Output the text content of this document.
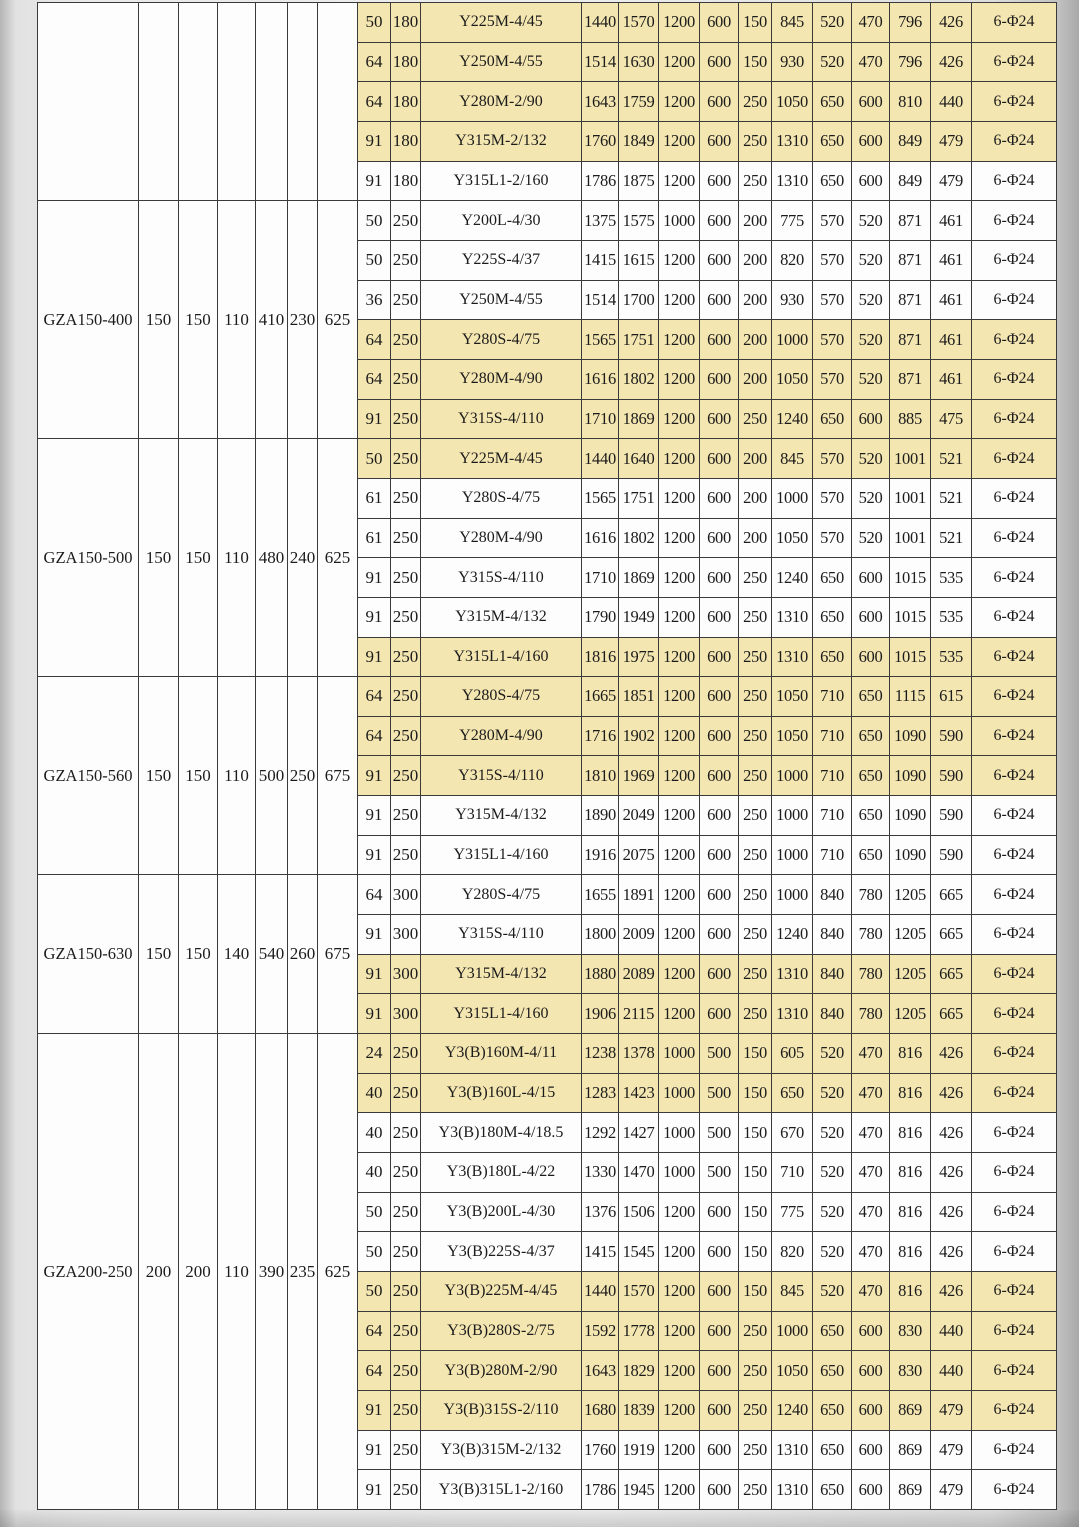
							50	180	Y225M-4/45	1440	1570	1200	600	150	845	520	470	796	426	6-Φ24
							64	180	Y250M-4/55	1514	1630	1200	600	150	930	520	470	796	426	6-Φ24
							64	180	Y280M-2/90	1643	1759	1200	600	250	1050	650	600	810	440	6-Φ24
							91	180	Y315M-2/132	1760	1849	1200	600	250	1310	650	600	849	479	6-Φ24
							91	180	Y315L1-2/160	1786	1875	1200	600	250	1310	650	600	849	479	6-Φ24
GZA150-400	150	150	110	410	230	625	50	250	Y200L-4/30	1375	1575	1000	600	200	775	570	520	871	461	6-Φ24
							50	250	Y225S-4/37	1415	1615	1200	600	200	820	570	520	871	461	6-Φ24
							36	250	Y250M-4/55	1514	1700	1200	600	200	930	570	520	871	461	6-Φ24
							64	250	Y280S-4/75	1565	1751	1200	600	200	1000	570	520	871	461	6-Φ24
							64	250	Y280M-4/90	1616	1802	1200	600	200	1050	570	520	871	461	6-Φ24
							91	250	Y315S-4/110	1710	1869	1200	600	250	1240	650	600	885	475	6-Φ24
GZA150-500	150	150	110	480	240	625	50	250	Y225M-4/45	1440	1640	1200	600	200	845	570	520	1001	521	6-Φ24
							61	250	Y280S-4/75	1565	1751	1200	600	200	1000	570	520	1001	521	6-Φ24
							61	250	Y280M-4/90	1616	1802	1200	600	200	1050	570	520	1001	521	6-Φ24
							91	250	Y315S-4/110	1710	1869	1200	600	250	1240	650	600	1015	535	6-Φ24
							91	250	Y315M-4/132	1790	1949	1200	600	250	1310	650	600	1015	535	6-Φ24
							91	250	Y315L1-4/160	1816	1975	1200	600	250	1310	650	600	1015	535	6-Φ24
GZA150-560	150	150	110	500	250	675	64	250	Y280S-4/75	1665	1851	1200	600	250	1050	710	650	1115	615	6-Φ24
							64	250	Y280M-4/90	1716	1902	1200	600	250	1050	710	650	1090	590	6-Φ24
							91	250	Y315S-4/110	1810	1969	1200	600	250	1000	710	650	1090	590	6-Φ24
							91	250	Y315M-4/132	1890	2049	1200	600	250	1000	710	650	1090	590	6-Φ24
							91	250	Y315L1-4/160	1916	2075	1200	600	250	1000	710	650	1090	590	6-Φ24
GZA150-630	150	150	140	540	260	675	64	300	Y280S-4/75	1655	1891	1200	600	250	1000	840	780	1205	665	6-Φ24
							91	300	Y315S-4/110	1800	2009	1200	600	250	1240	840	780	1205	665	6-Φ24
							91	300	Y315M-4/132	1880	2089	1200	600	250	1310	840	780	1205	665	6-Φ24
							91	300	Y315L1-4/160	1906	2115	1200	600	250	1310	840	780	1205	665	6-Φ24
GZA200-250	200	200	110	390	235	625	24	250	Y3(B)160M-4/11	1238	1378	1000	500	150	605	520	470	816	426	6-Φ24
							40	250	Y3(B)160L-4/15	1283	1423	1000	500	150	650	520	470	816	426	6-Φ24
							40	250	Y3(B)180M-4/18.5	1292	1427	1000	500	150	670	520	470	816	426	6-Φ24
							40	250	Y3(B)180L-4/22	1330	1470	1000	500	150	710	520	470	816	426	6-Φ24
							50	250	Y3(B)200L-4/30	1376	1506	1200	600	150	775	520	470	816	426	6-Φ24
							50	250	Y3(B)225S-4/37	1415	1545	1200	600	150	820	520	470	816	426	6-Φ24
							50	250	Y3(B)225M-4/45	1440	1570	1200	600	150	845	520	470	816	426	6-Φ24
							64	250	Y3(B)280S-2/75	1592	1778	1200	600	250	1000	650	600	830	440	6-Φ24
							64	250	Y3(B)280M-2/90	1643	1829	1200	600	250	1050	650	600	830	440	6-Φ24
							91	250	Y3(B)315S-2/110	1680	1839	1200	600	250	1240	650	600	869	479	6-Φ24
							91	250	Y3(B)315M-2/132	1760	1919	1200	600	250	1310	650	600	869	479	6-Φ24
							91	250	Y3(B)315L1-2/160	1786	1945	1200	600	250	1310	650	600	869	479	6-Φ24
